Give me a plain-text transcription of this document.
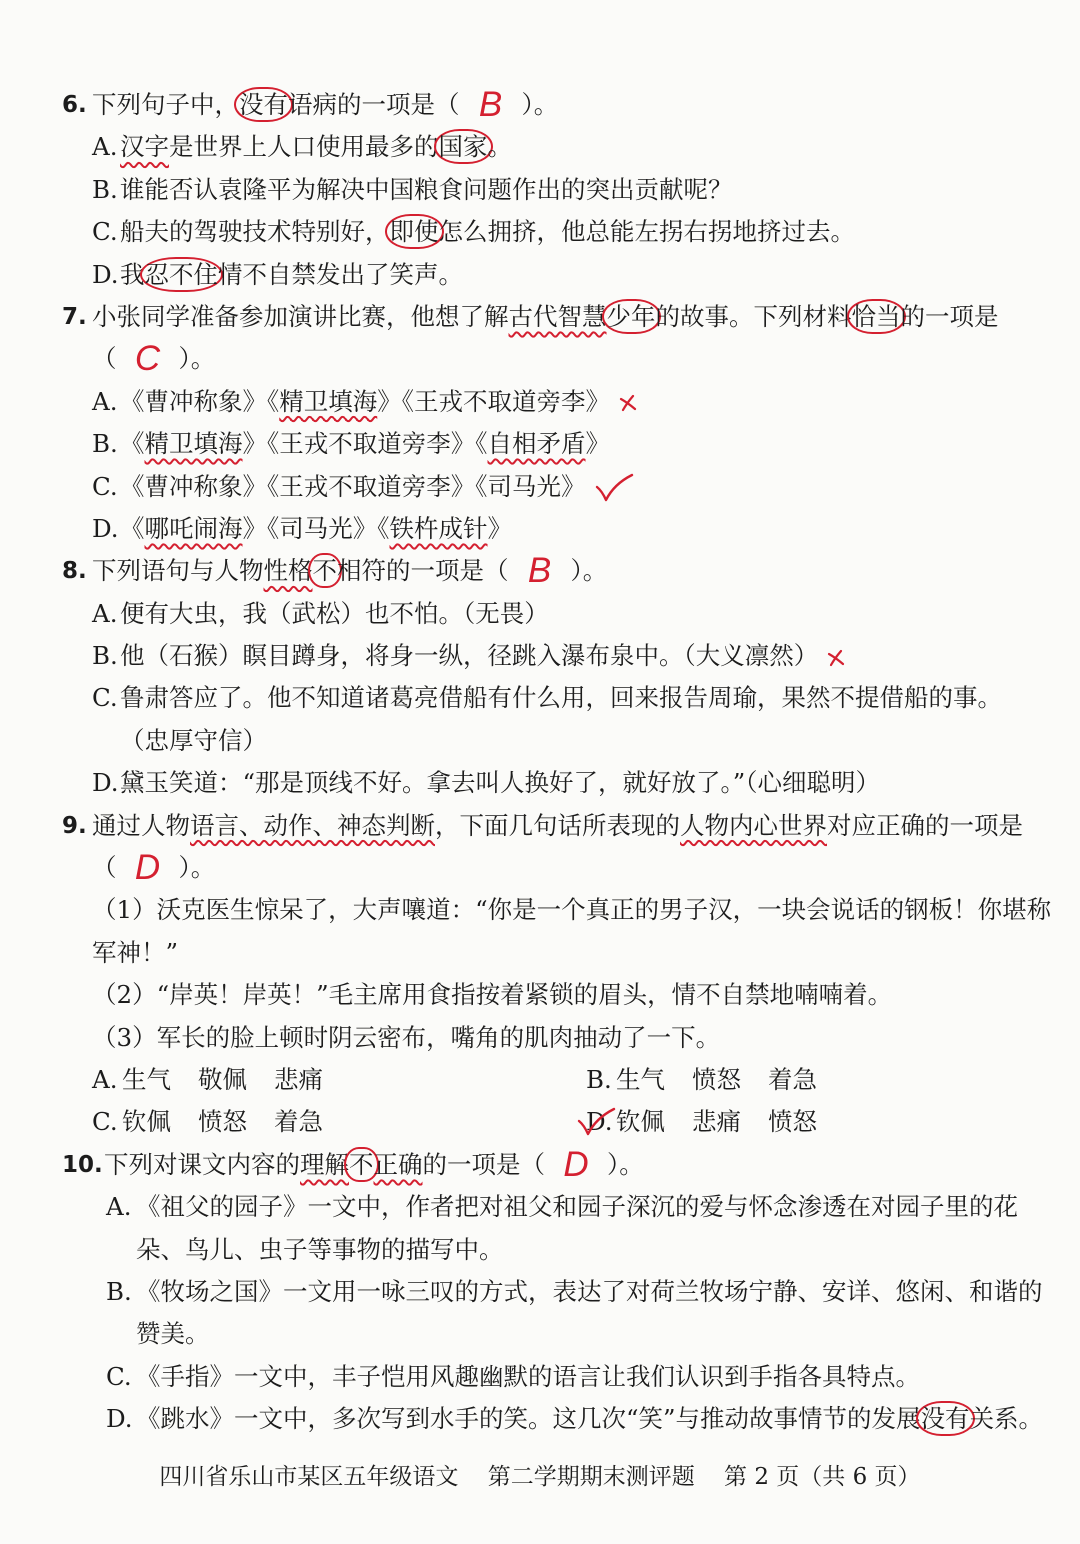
6. 下列句子中，没有语病的一项是（ B ）。
A. 汉字是世界上人口使用最多的国家。
B. 谁能否认袁隆平为解决中国粮食问题作出的突出贡献呢？
C. 船夫的驾驶技术特别好，即使怎么拥挤，他总能左拐右拐地挤过去。
D. 我忍不住情不自禁发出了笑声。
7. 小张同学准备参加演讲比赛，他想了解古代智慧少年的故事。下列材料恰当的一项是
（ C ）。
A. 《曹冲称象》《精卫填海》《王戎不取道旁李》
B. 《精卫填海》《王戎不取道旁李》《自相矛盾》
C. 《曹冲称象》《王戎不取道旁李》《司马光》
D. 《哪吒闹海》《司马光》《铁杵成针》
8. 下列语句与人物性格不相符的一项是（ B ）。
A. 便有大虫，我（武松）也不怕。（无畏）
B. 他（石猴）瞑目蹲身，将身一纵，径跳入瀑布泉中。（大义凛然）
C. 鲁肃答应了。他不知道诸葛亮借船有什么用，回来报告周瑜，果然不提借船的事。
（忠厚守信）
D. 黛玉笑道：“那是顶线不好。拿去叫人换好了，就好放了。”（心细聪明）
9. 通过人物语言、动作、神态判断，下面几句话所表现的人物内心世界对应正确的一项是
（ D ）。
（1）沃克医生惊呆了，大声嚷道：“你是一个真正的男子汉，一块会说话的钢板！你堪称
军神！”
（2）“岸英！岸英！”毛主席用食指按着紧锁的眉头，情不自禁地喃喃着。
（3）军长的脸上顿时阴云密布，嘴角的肌肉抽动了一下。
A. 生气 敬佩 悲痛	B. 生气 愤怒 着急
C. 钦佩 愤怒 着急	D. 钦佩 悲痛 愤怒
10. 下列对课文内容的理解不正确的一项是（ D ）。
A. 《祖父的园子》一文中，作者把对祖父和园子深沉的爱与怀念渗透在对园子里的花
朵、鸟儿、虫子等事物的描写中。
B. 《牧场之国》一文用一咏三叹的方式，表达了对荷兰牧场宁静、安详、悠闲、和谐的
赞美。
C. 《手指》一文中，丰子恺用风趣幽默的语言让我们认识到手指各具特点。
D. 《跳水》一文中，多次写到水手的笑。这几次“笑”与推动故事情节的发展没有关系。
四川省乐山市某区五年级语文 第二学期期末测评题 第 2 页（共 6 页）
